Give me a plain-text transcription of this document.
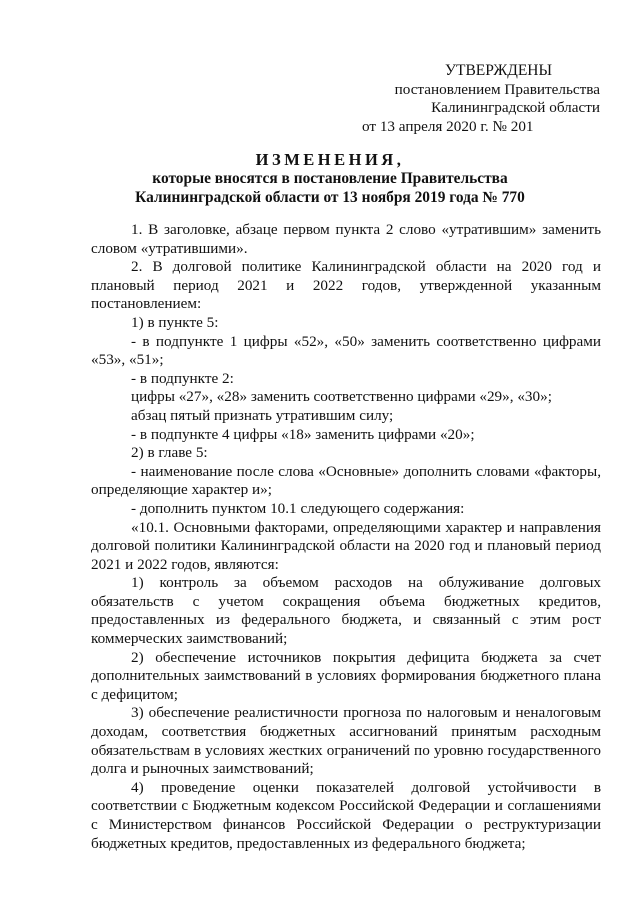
УТВЕРЖДЕНЫ
постановлением Правительства
Калининградской области
от 13 апреля 2020 г. № 201
ИЗМЕНЕНИЯ,
которые вносятся в постановление Правительства
Калининградской области от 13 ноября 2019 года № 770
1. В заголовке, абзаце первом пункта 2 слово «утратившим» заменить словом «утратившими».
2. В долговой политике Калининградской области на 2020 год и плановый период 2021 и 2022 годов, утвержденной указанным постановлением:
1) в пункте 5:
- в подпункте 1 цифры «52», «50» заменить соответственно цифрами «53», «51»;
- в подпункте 2:
цифры «27», «28» заменить соответственно цифрами «29», «30»;
абзац пятый признать утратившим силу;
- в подпункте 4 цифры «18» заменить цифрами «20»;
2) в главе 5:
- наименование после слова «Основные» дополнить словами «факторы, определяющие характер и»;
- дополнить пунктом 10.1 следующего содержания:
«10.1. Основными факторами, определяющими характер и направления долговой политики Калининградской области на 2020 год и плановый период 2021 и 2022 годов, являются:
1) контроль за объемом расходов на облуживание долговых обязательств с учетом сокращения объема бюджетных кредитов, предоставленных из федерального бюджета, и связанный с этим рост коммерческих заимствований;
2) обеспечение источников покрытия дефицита бюджета за счет дополнительных заимствований в условиях формирования бюджетного плана с дефицитом;
3) обеспечение реалистичности прогноза по налоговым и неналоговым доходам, соответствия бюджетных ассигнований принятым расходным обязательствам в условиях жестких ограничений по уровню государственного долга и рыночных заимствований;
4) проведение оценки показателей долговой устойчивости в соответствии с Бюджетным кодексом Российской Федерации и соглашениями с Министерством финансов Российской Федерации о реструктуризации бюджетных кредитов, предоставленных из федерального бюджета;
